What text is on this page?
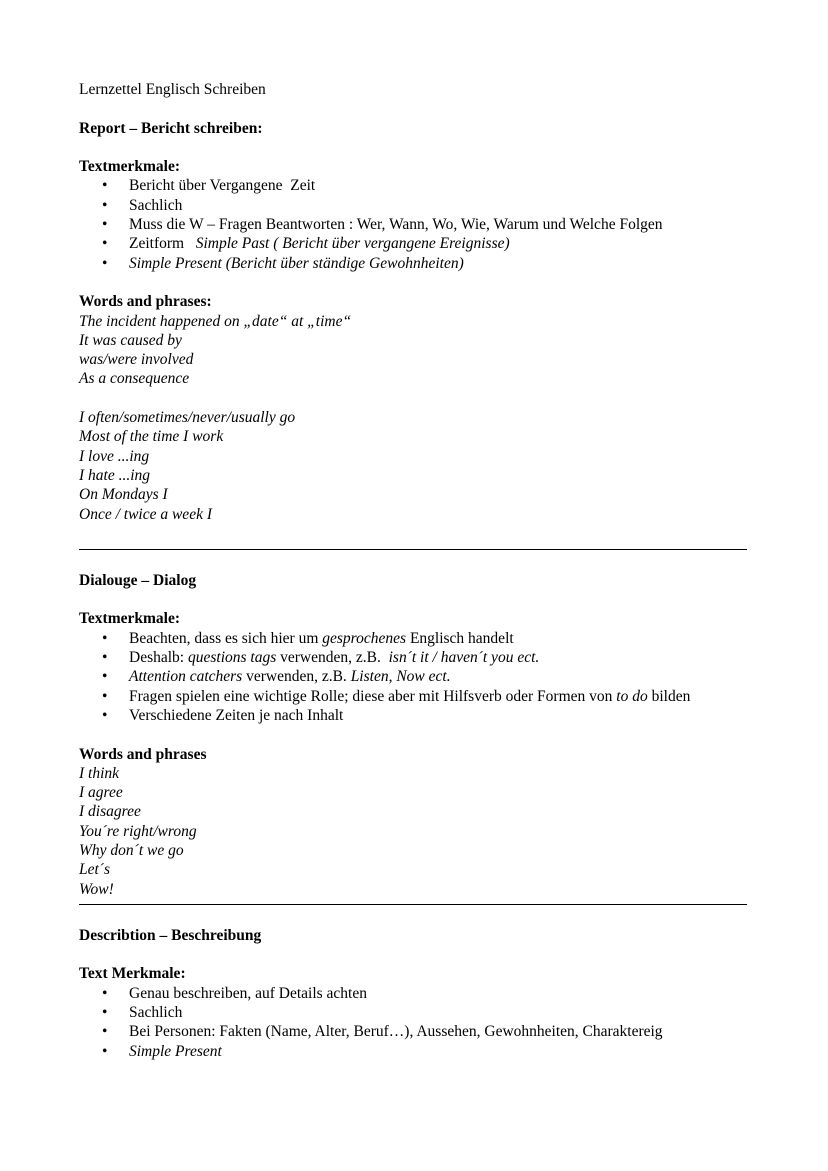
Lernzettel Englisch Schreiben
Report – Bericht schreiben:
Textmerkmale:
• Bericht über Vergangene  Zeit
• Sachlich
• Muss die W – Fragen Beantworten : Wer, Wann, Wo, Wie, Warum und Welche Folgen
• Zeitform   Simple Past ( Bericht über vergangene Ereignisse)
• Simple Present (Bericht über ständige Gewohnheiten)
Words and phrases:
The incident happened on „date“ at „time“
It was caused by
was/were involved
As a consequence
I often/sometimes/never/usually go
Most of the time I work
I love ...ing
I hate ...ing
On Mondays I
Once / twice a week I
Dialouge – Dialog
Textmerkmale:
• Beachten, dass es sich hier um gesprochenes Englisch handelt
• Deshalb: questions tags verwenden, z.B.  isn´t it / haven´t you ect.
• Attention catchers verwenden, z.B. Listen, Now ect.
• Fragen spielen eine wichtige Rolle; diese aber mit Hilfsverb oder Formen von to do bilden
• Verschiedene Zeiten je nach Inhalt
Words and phrases
I think
I agree
I disagree
You´re right/wrong
Why don´t we go
Let´s
Wow!
Describtion – Beschreibung
Text Merkmale:
• Genau beschreiben, auf Details achten
• Sachlich
• Bei Personen: Fakten (Name, Alter, Beruf…), Aussehen, Gewohnheiten, Charaktereig
• Simple Present
